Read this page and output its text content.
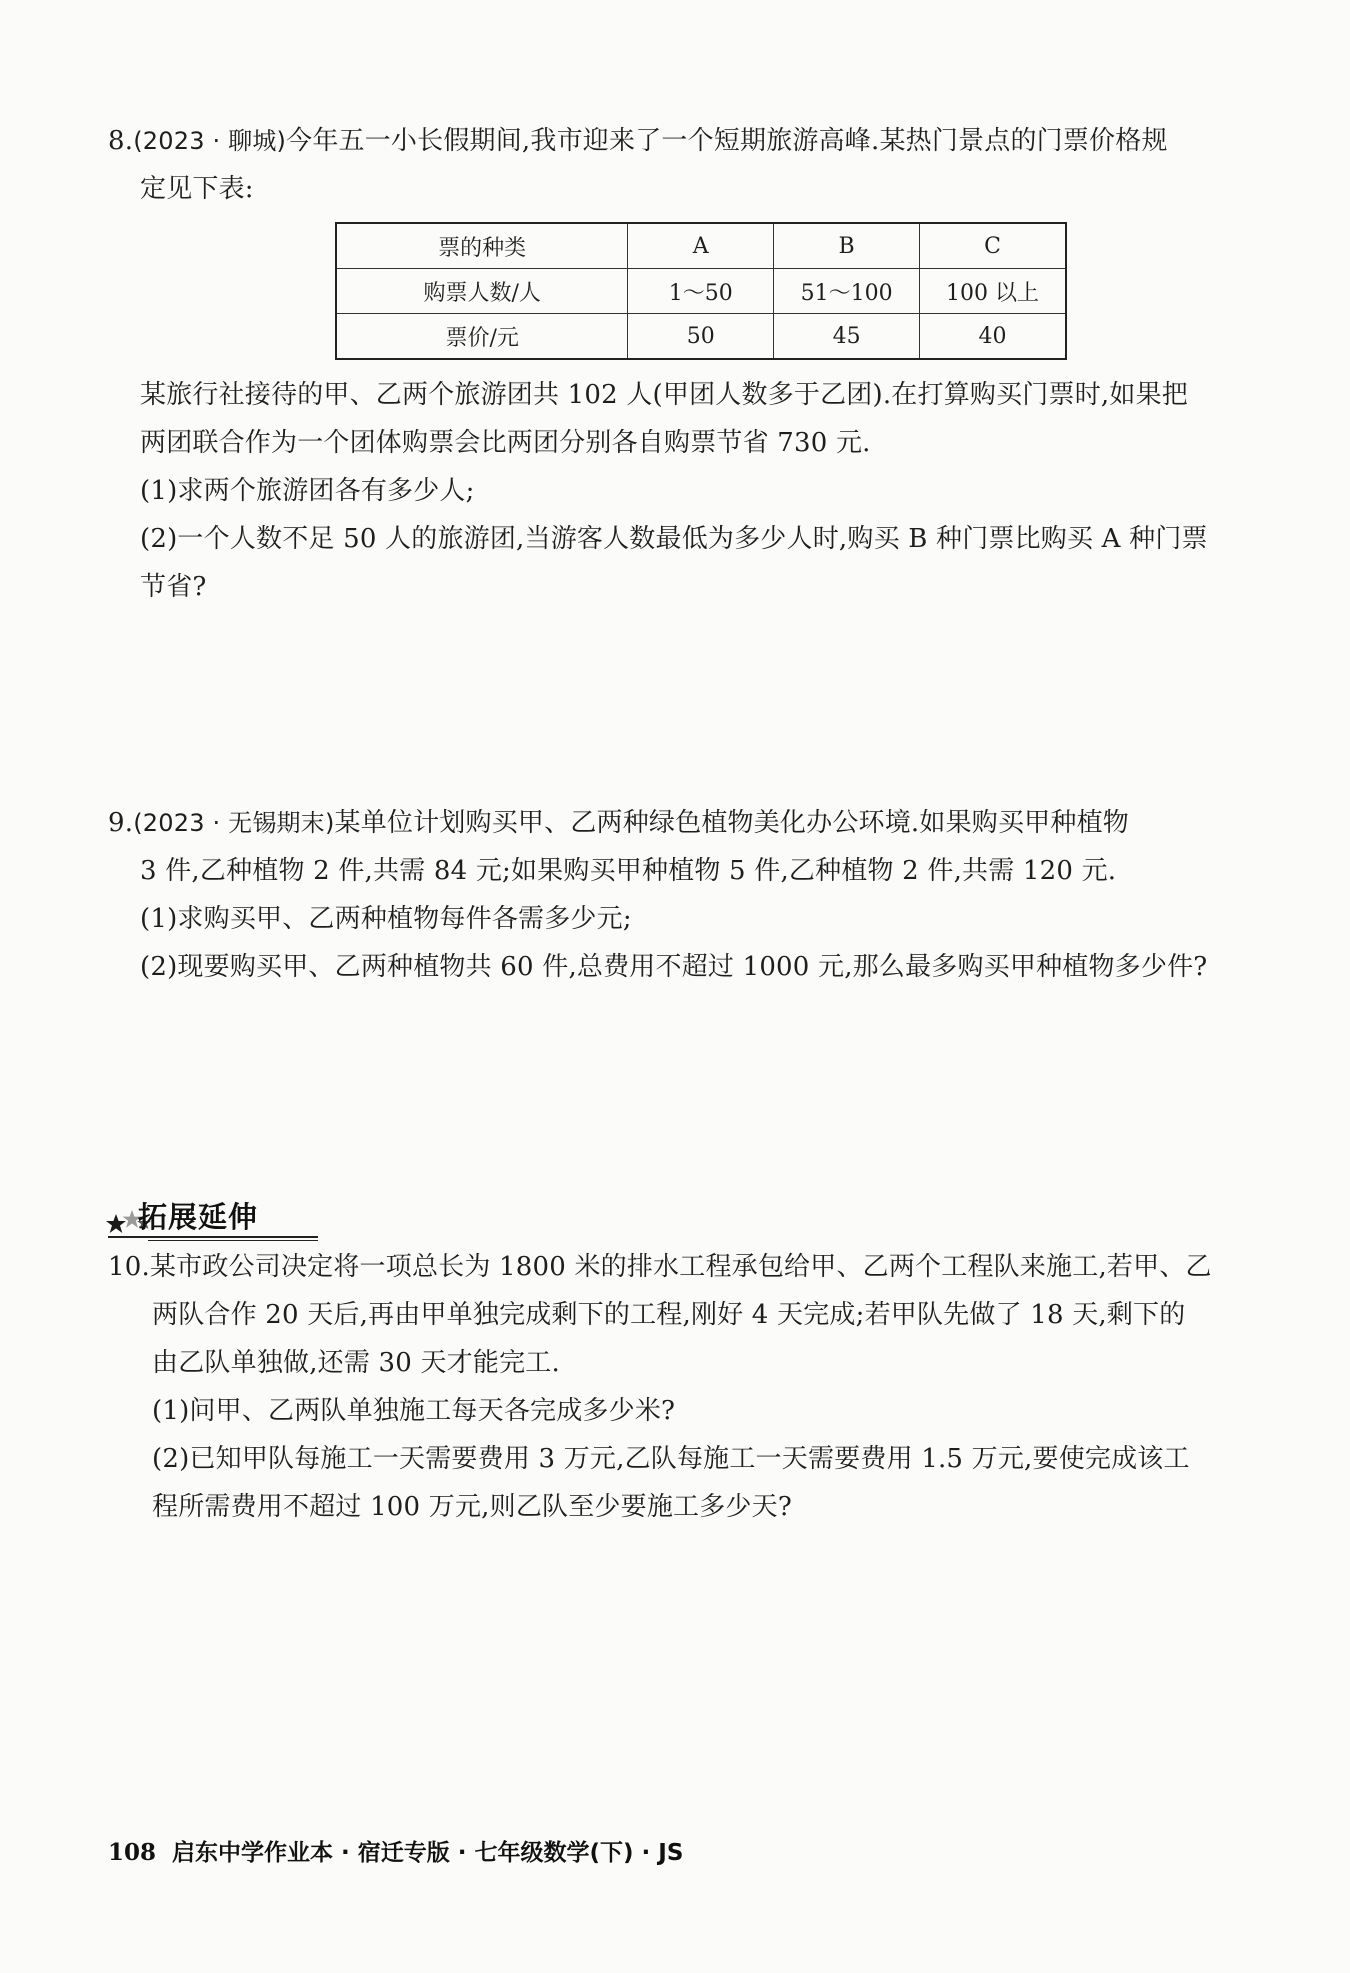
8.(2023 · 聊城)今年五一小长假期间,我市迎来了一个短期旅游高峰.某热门景点的门票价格规
定见下表:
票的种类	A	B	C
购票人数/人	1～50	51～100	100 以上
票价/元	50	45	40
某旅行社接待的甲、乙两个旅游团共 102 人(甲团人数多于乙团).在打算购买门票时,如果把
两团联合作为一个团体购票会比两团分别各自购票节省 730 元.
(1)求两个旅游团各有多少人;
(2)一个人数不足 50 人的旅游团,当游客人数最低为多少人时,购买 B 种门票比购买 A 种门票
节省?
9.(2023 · 无锡期末)某单位计划购买甲、乙两种绿色植物美化办公环境.如果购买甲种植物
3 件,乙种植物 2 件,共需 84 元;如果购买甲种植物 5 件,乙种植物 2 件,共需 120 元.
(1)求购买甲、乙两种植物每件各需多少元;
(2)现要购买甲、乙两种植物共 60 件,总费用不超过 1000 元,那么最多购买甲种植物多少件?
拓展延伸
10.某市政公司决定将一项总长为 1800 米的排水工程承包给甲、乙两个工程队来施工,若甲、乙
两队合作 20 天后,再由甲单独完成剩下的工程,刚好 4 天完成;若甲队先做了 18 天,剩下的
由乙队单独做,还需 30 天才能完工.
(1)问甲、乙两队单独施工每天各完成多少米?
(2)已知甲队每施工一天需要费用 3 万元,乙队每施工一天需要费用 1.5 万元,要使完成该工
程所需费用不超过 100 万元,则乙队至少要施工多少天?
108 启东中学作业本 · 宿迁专版 · 七年级数学(下) · JS
